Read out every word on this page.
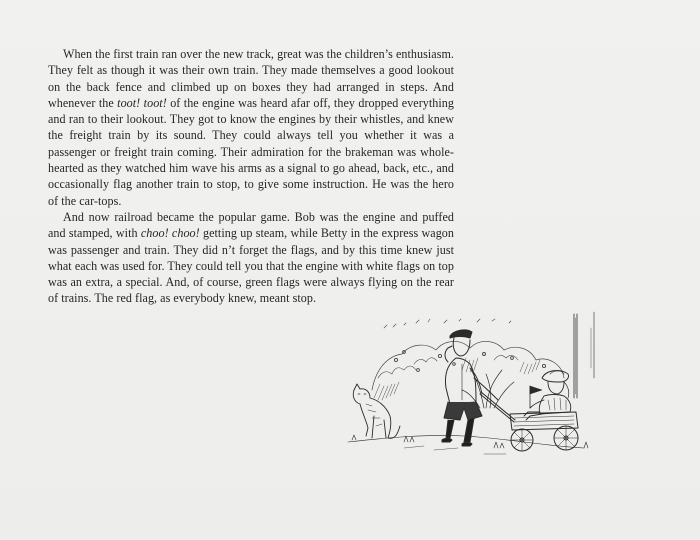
When the first train ran over the new track, great was the children’s enthusiasm. They felt as though it was their own train. They made themselves a good lookout on the back fence and climbed up on boxes they had arranged in steps. And whenever the toot! toot! of the engine was heard afar off, they dropped everything and ran to their lookout. They got to know the engines by their whistles, and knew the freight train by its sound. They could always tell you whether it was a passenger or freight train coming. Their admiration for the brakeman was whole-hearted as they watched him wave his arms as a signal to go ahead, back, etc., and occasionally flag another train to stop, to give some instruction. He was the hero of the car-tops.

And now railroad became the popular game. Bob was the engine and puffed and stamped, with choo! choo! getting up steam, while Betty in the express wagon was passenger and train. They did n’t forget the flags, and by this time knew just what each was used for. They could tell you that the engine with white flags on top was an extra, a special. And, of course, green flags were always flying on the rear of trains. The red flag, as everybody knew, meant stop.
